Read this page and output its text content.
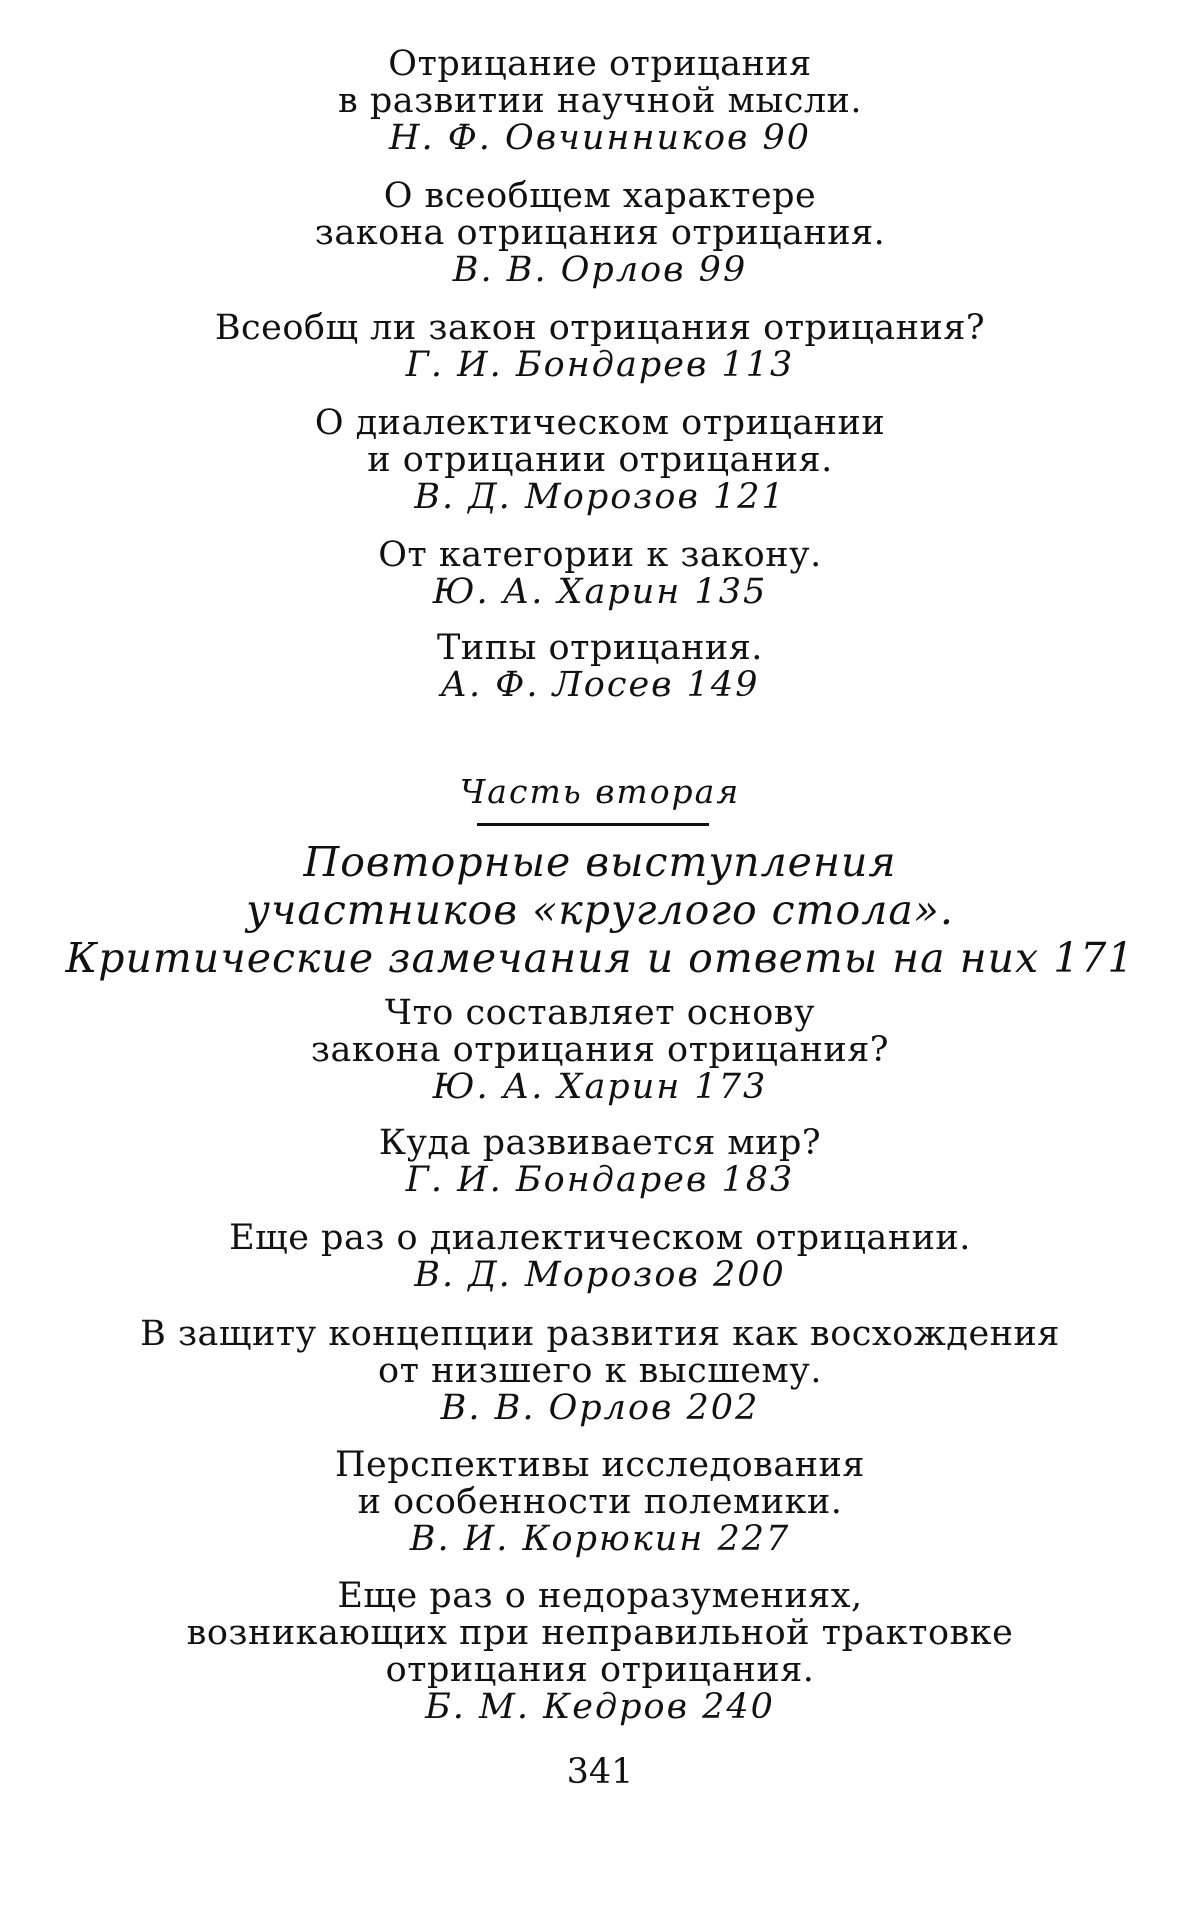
Отрицание отрицания
в развитии научной мысли.
Н. Ф. Овчинников 90
О всеобщем характере
закона отрицания отрицания.
В. В. Орлов 99
Всеобщ ли закон отрицания отрицания?
Г. И. Бондарев 113
О диалектическом отрицании
и отрицании отрицания.
В. Д. Морозов 121
От категории к закону.
Ю. А. Харин 135
Типы отрицания.
А. Ф. Лосев 149
Часть вторая
Повторные выступления
участников «круглого стола».
Критические замечания и ответы на них 171
Что составляет основу
закона отрицания отрицания?
Ю. А. Харин 173
Куда развивается мир?
Г. И. Бондарев 183
Еще раз о диалектическом отрицании.
В. Д. Морозов 200
В защиту концепции развития как восхождения
от низшего к высшему.
В. В. Орлов 202
Перспективы исследования
и особенности полемики.
В. И. Корюкин 227
Еще раз о недоразумениях,
возникающих при неправильной трактовке
отрицания отрицания.
Б. М. Кедров 240
341
